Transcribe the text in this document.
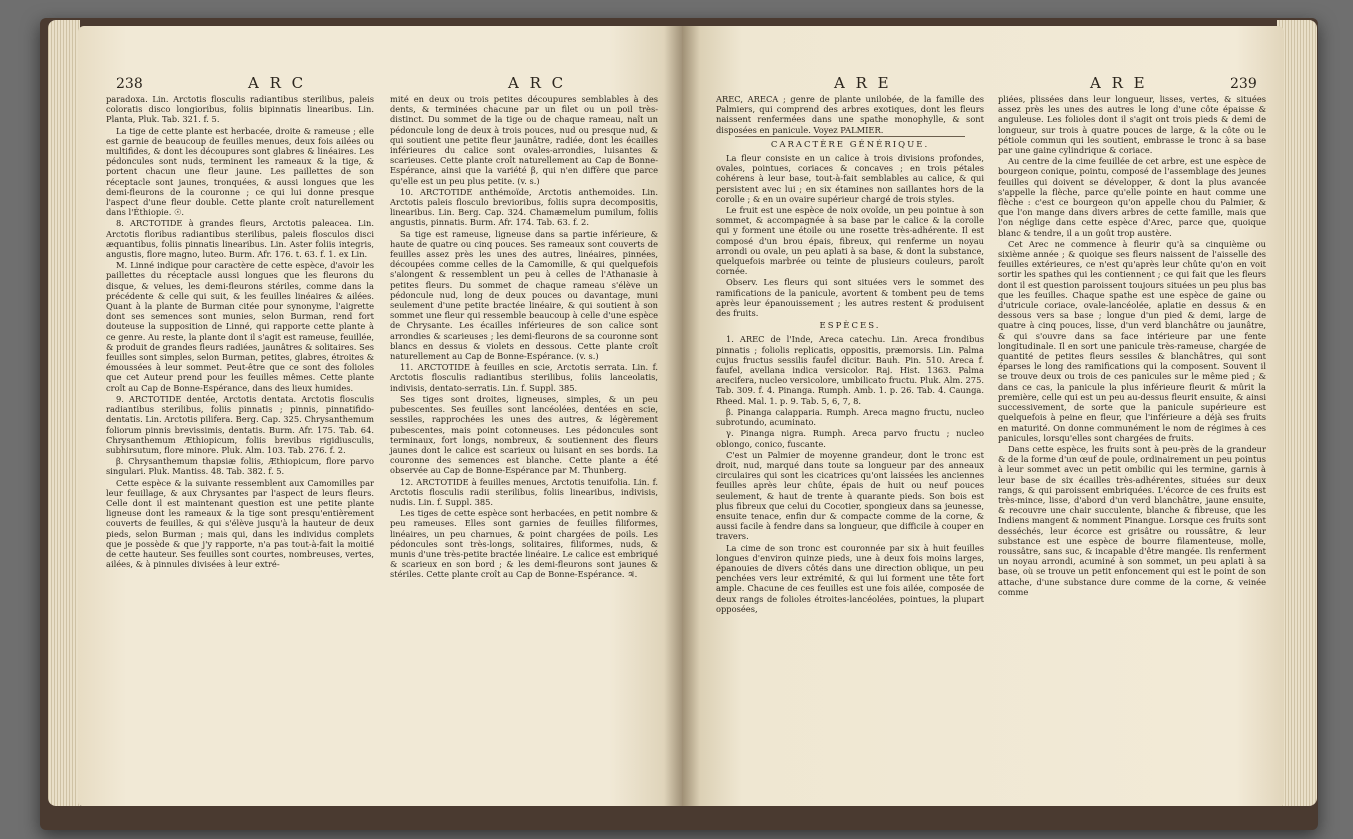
238	A R C	A R C

paradoxa. Lin. Arctotis flosculis radiantibus sterilibus, paleis coloratis disco longioribus, foliis bipinnatis linearibus. Lin. Planta, Pluk. Tab. 321. f. 5.

La tige de cette plante est herbacée, droite & rameuse ; elle est garnie de beaucoup de feuilles menues, deux fois ailées ou multifides, & dont les découpures sont glabres & linéaires. Les pédoncules sont nuds, terminent les rameaux & la tige, & portent chacun une fleur jaune. Les paillettes de son réceptacle sont jaunes, tronquées, & aussi longues que les demi-fleurons de la couronne ; ce qui lui donne presque l'aspect d'une fleur double. Cette plante croît naturellement dans l'Éthiopie. ☉.

8. ARCTOTIDE à grandes fleurs, Arctotis paleacea. Lin. Arctotis floribus radiantibus sterilibus, paleis flosculos disci æquantibus, foliis pinnatis linearibus. Lin. Aster foliis integris, angustis, flore magno, luteo. Burm. Afr. 176. t. 63. f. 1. ex Lin.

M. Linné indique pour caractère de cette espèce, d'avoir les paillettes du réceptacle aussi longues que les fleurons du disque, & velues, les demi-fleurons stériles, comme dans la précédente & celle qui suit, & les feuilles linéaires & ailées. Quant à la plante de Burman citée pour synonyme, l'aigrette dont ses semences sont munies, selon Burman, rend fort douteuse la supposition de Linné, qui rapporte cette plante à ce genre. Au reste, la plante dont il s'agit est rameuse, feuillée, & produit de grandes fleurs radiées, jaunâtres & solitaires. Ses feuilles sont simples, selon Burman, petites, glabres, étroites & émoussées à leur sommet. Peut-être que ce sont des folioles que cet Auteur prend pour les feuilles mêmes. Cette plante croît au Cap de Bonne-Espérance, dans des lieux humides.

9. ARCTOTIDE dentée, Arctotis dentata. Arctotis flosculis radiantibus sterilibus, foliis pinnatis ; pinnis, pinnatifido-dentatis. Lin. Arctotis pilifera. Berg. Cap. 325. Chrysanthemum foliorum pinnis brevissimis, dentatis. Burm. Afr. 175. Tab. 64. Chrysanthemum Æthiopicum, foliis brevibus rigidiusculis, subhirsutum, flore minore. Pluk. Alm. 103. Tab. 276. f. 2.

β. Chrysanthemum thapsiæ foliis, Æthiopicum, flore parvo singulari. Pluk. Mantiss. 48. Tab. 382. f. 5.

Cette espèce & la suivante ressemblent aux Camomilles par leur feuillage, & aux Chrysantes par l'aspect de leurs fleurs. Celle dont il est maintenant question est une petite plante ligneuse dont les rameaux & la tige sont presqu'entièrement couverts de feuilles, & qui s'élève jusqu'à la hauteur de deux pieds, selon Burman ; mais qui, dans les individus complets que je possède & que j'y rapporte, n'a pas tout-à-fait la moitié de cette hauteur. Ses feuilles sont courtes, nombreuses, vertes, ailées, & à pinnules divisées à leur extré-

mité en deux ou trois petites découpures semblables à des dents, & terminées chacune par un filet ou un poil très-distinct. Du sommet de la tige ou de chaque rameau, naît un pédoncule long de deux à trois pouces, nud ou presque nud, & qui soutient une petite fleur jaunâtre, radiée, dont les écailles inférieures du calice sont ovales-arrondies, luisantes & scarieuses. Cette plante croît naturellement au Cap de Bonne-Espérance, ainsi que la variété β, qui n'en diffère que parce qu'elle est un peu plus petite. (v. s.)

10. ARCTOTIDE anthémoïde, Arctotis anthemoides. Lin. Arctotis paleis flosculo brevioribus, foliis supra decompositis, linearibus. Lin. Berg. Cap. 324. Chamæmelum pumilum, foliis angustis, pinnatis. Burm. Afr. 174. Tab. 63. f. 2.

Sa tige est rameuse, ligneuse dans sa partie inférieure, & haute de quatre ou cinq pouces. Ses rameaux sont couverts de feuilles assez près les unes des autres, linéaires, pinnées, découpées comme celles de la Camomille, & qui quelquefois s'alongent & ressemblent un peu à celles de l'Athanasie à petites fleurs. Du sommet de chaque rameau s'élève un pédoncule nud, long de deux pouces ou davantage, muni seulement d'une petite bractée linéaire, & qui soutient à son sommet une fleur qui ressemble beaucoup à celle d'une espèce de Chrysante. Les écailles inférieures de son calice sont arrondies & scarieuses ; les demi-fleurons de sa couronne sont blancs en dessus & violets en dessous. Cette plante croît naturellement au Cap de Bonne-Espérance. (v. s.)

11. ARCTOTIDE à feuilles en scie, Arctotis serrata. Lin. f. Arctotis flosculis radiantibus sterilibus, foliis lanceolatis, indivisis, dentato-serratis. Lin. f. Suppl. 385.

Ses tiges sont droites, ligneuses, simples, & un peu pubescentes. Ses feuilles sont lancéolées, dentées en scie, sessiles, rapprochées les unes des autres, & légèrement pubescentes, mais point cotonneuses. Les pédoncules sont terminaux, fort longs, nombreux, & soutiennent des fleurs jaunes dont le calice est scarieux ou luisant en ses bords. La couronne des semences est blanche. Cette plante a été observée au Cap de Bonne-Espérance par M. Thunberg.

12. ARCTOTIDE à feuilles menues, Arctotis tenuifolia. Lin. f. Arctotis flosculis radii sterilibus, foliis linearibus, indivisis, nudis. Lin. f. Suppl. 385.

Les tiges de cette espèce sont herbacées, en petit nombre & peu rameuses. Elles sont garnies de feuilles filiformes, linéaires, un peu charnues, & point chargées de poils. Les pédoncules sont très-longs, solitaires, filiformes, nuds, & munis d'une très-petite bractée linéaire. Le calice est embriqué & scarieux en son bord ; & les demi-fleurons sont jaunes & stériles. Cette plante croît au Cap de Bonne-Espérance. ♃.

A R E	A R E	239

AREC, ARECA ; genre de plante unilobée, de la famille des Palmiers, qui comprend des arbres exotiques, dont les fleurs naissent renfermées dans une spathe monophylle, & sont disposées en panicule. Voyez PALMIER.

CARACTÈRE GÉNÉRIQUE.

La fleur consiste en un calice à trois divisions profondes, ovales, pointues, coriaces & concaves ; en trois pétales cohérens à leur base, tout-à-fait semblables au calice, & qui persistent avec lui ; en six étamines non saillantes hors de la corolle ; & en un ovaire supérieur chargé de trois styles.

Le fruit est une espèce de noix ovoïde, un peu pointue à son sommet, & accompagnée à sa base par le calice & la corolle qui y forment une étoile ou une rosette très-adhérente. Il est composé d'un brou épais, fibreux, qui renferme un noyau arrondi ou ovale, un peu aplati à sa base, & dont la substance, quelquefois marbrée ou teinte de plusieurs couleurs, paroît cornée.

Observ. Les fleurs qui sont situées vers le sommet des ramifications de la panicule, avortent & tombent peu de tems après leur épanouissement ; les autres restent & produisent des fruits.

ESPÈCES.

1. AREC de l'Inde, Areca catechu. Lin. Areca frondibus pinnatis ; foliolis replicatis, oppositis, præmorsis. Lin. Palma cujus fructus sessilis faufel dicitur. Bauh. Pin. 510. Areca f. faufel, avellana indica versicolor. Raj. Hist. 1363. Palma arecifera, nucleo versicolore, umbilicato fructu. Pluk. Alm. 275. Tab. 309. f. 4. Pinanga. Rumph. Amb. 1. p. 26. Tab. 4. Caunga. Rheed. Mal. 1. p. 9. Tab. 5, 6, 7, 8.

β. Pinanga calapparia. Rumph. Areca magno fructu, nucleo subrotundo, acuminato.

γ. Pinanga nigra. Rumph. Areca parvo fructu ; nucleo oblongo, conico, fuscante.

C'est un Palmier de moyenne grandeur, dont le tronc est droit, nud, marqué dans toute sa longueur par des anneaux circulaires qui sont les cicatrices qu'ont laissées les anciennes feuilles après leur chûte, épais de huit ou neuf pouces seulement, & haut de trente à quarante pieds. Son bois est plus fibreux que celui du Cocotier, spongieux dans sa jeunesse, ensuite tenace, enfin dur & compacte comme de la corne, & aussi facile à fendre dans sa longueur, que difficile à couper en travers.

La cime de son tronc est couronnée par six à huit feuilles longues d'environ quinze pieds, une à deux fois moins larges, épanouies de divers côtés dans une direction oblique, un peu penchées vers leur extrémité, & qui lui forment une tête fort ample. Chacune de ces feuilles est une fois ailée, composée de deux rangs de folioles étroites-lancéolées, pointues, la plupart opposées,

pliées, plissées dans leur longueur, lisses, vertes, & situées assez près les unes des autres le long d'une côte épaisse & anguleuse. Les folioles dont il s'agit ont trois pieds & demi de longueur, sur trois à quatre pouces de large, & la côte ou le pétiole commun qui les soutient, embrasse le tronc à sa base par une gaine cylindrique & coriace.

Au centre de la cime feuillée de cet arbre, est une espèce de bourgeon conique, pointu, composé de l'assemblage des jeunes feuilles qui doivent se développer, & dont la plus avancée s'appelle la flèche, parce qu'elle pointe en haut comme une flèche : c'est ce bourgeon qu'on appelle chou du Palmier, & que l'on mange dans divers arbres de cette famille, mais que l'on néglige dans cette espèce d'Arec, parce que, quoique blanc & tendre, il a un goût trop austère.

Cet Arec ne commence à fleurir qu'à sa cinquième ou sixième année ; & quoique ses fleurs naissent de l'aisselle des feuilles extérieures, ce n'est qu'après leur chûte qu'on en voit sortir les spathes qui les contiennent ; ce qui fait que les fleurs dont il est question paroissent toujours situées un peu plus bas que les feuilles. Chaque spathe est une espèce de gaine ou d'utricule coriace, ovale-lancéolée, aplatie en dessus & en dessous vers sa base ; longue d'un pied & demi, large de quatre à cinq pouces, lisse, d'un verd blanchâtre ou jaunâtre, & qui s'ouvre dans sa face intérieure par une fente longitudinale. Il en sort une panicule très-rameuse, chargée de quantité de petites fleurs sessiles & blanchâtres, qui sont éparses le long des ramifications qui la composent. Souvent il se trouve deux ou trois de ces panicules sur le même pied ; & dans ce cas, la panicule la plus inférieure fleurit & mûrit la première, celle qui est un peu au-dessus fleurit ensuite, & ainsi successivement, de sorte que la panicule supérieure est quelquefois à peine en fleur, que l'inférieure a déjà ses fruits en maturité. On donne communément le nom de régimes à ces panicules, lorsqu'elles sont chargées de fruits.

Dans cette espèce, les fruits sont à peu-près de la grandeur & de la forme d'un œuf de poule, ordinairement un peu pointus à leur sommet avec un petit ombilic qui les termine, garnis à leur base de six écailles très-adhérentes, situées sur deux rangs, & qui paroissent embriquées. L'écorce de ces fruits est très-mince, lisse, d'abord d'un verd blanchâtre, jaune ensuite, & recouvre une chair succulente, blanche & fibreuse, que les Indiens mangent & nomment Pinangue. Lorsque ces fruits sont desséchés, leur écorce est grisâtre ou roussâtre, & leur substance est une espèce de bourre filamenteuse, molle, roussâtre, sans suc, & incapable d'être mangée. Ils renferment un noyau arrondi, acuminé à son sommet, un peu aplati à sa base, où se trouve un petit enfoncement qui est le point de son attache, d'une substance dure comme de la corne, & veinée comme
